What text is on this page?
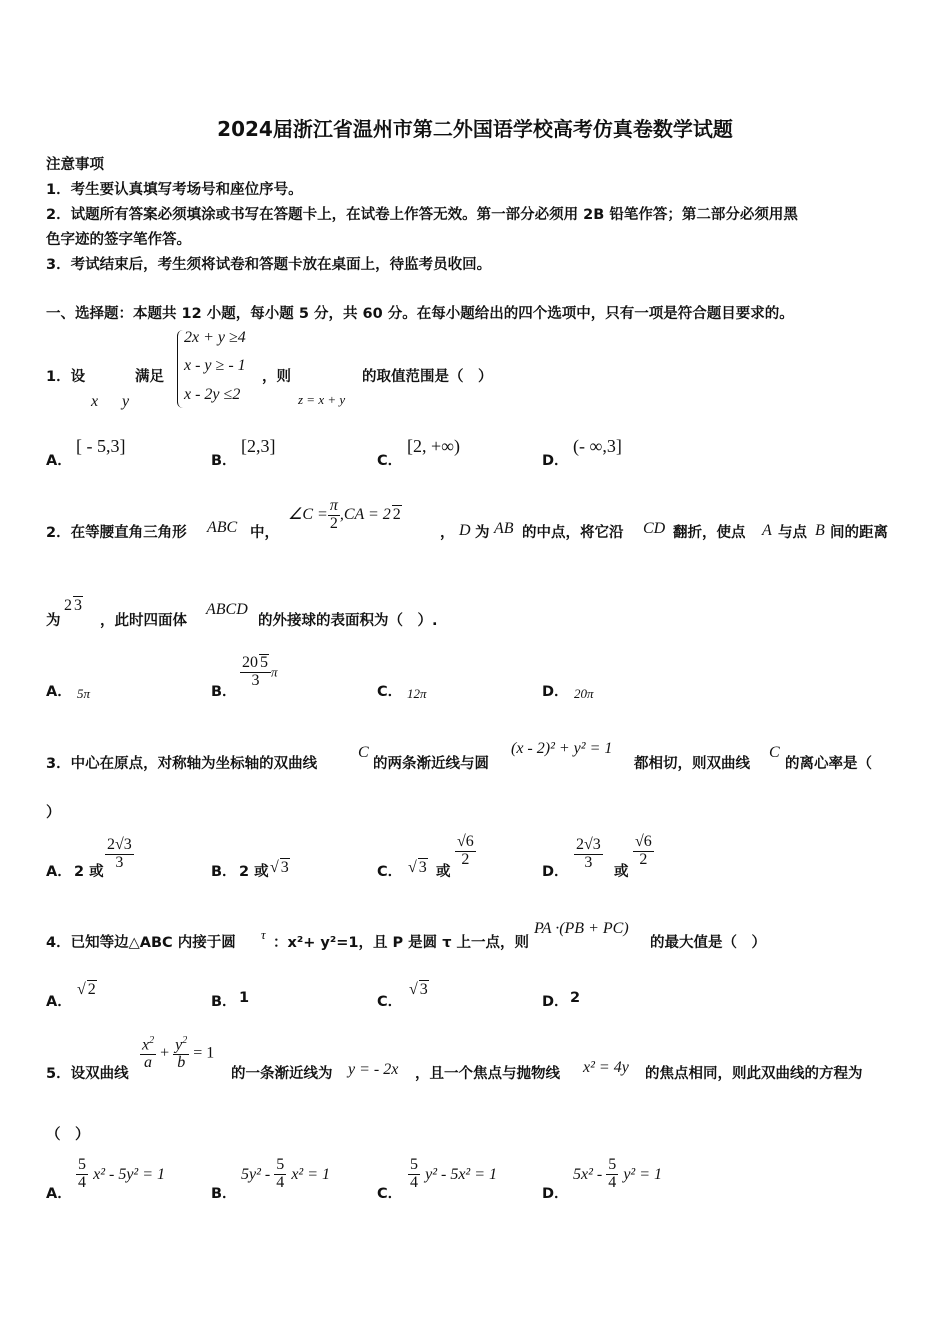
2024届浙江省温州市第二外国语学校高考仿真卷数学试题
注意事项
1．考生要认真填写考场号和座位序号。
2．试题所有答案必须填涂或书写在答题卡上，在试卷上作答无效。第一部分必须用 2B 铅笔作答；第二部分必须用黑
色字迹的签字笔作答。
3．考试结束后，考生须将试卷和答题卡放在桌面上，待监考员收回。
一、选择题：本题共 12 小题，每小题 5 分，共 60 分。在每小题给出的四个选项中，只有一项是符合题目要求的。
1．设
x y
满足
2x + y ≥4
x - y ≥ - 1
x - 2y ≤2
，则
z = x + y
的取值范围是（　）
A．
[ - 5,3]
B．
[2,3]
C．
[2, +∞)
D．
(- ∞,3]
2．在等腰直角三角形 ABC 中，
∠C = $\frac{\pi}{2} ,CA = 2$ 2
， D 为 AB 的中点，将它沿 CD 翻折，使点 A 与点 B 间的距离
为
2 3
，此时四面体
ABCD
的外接球的表面积为（　）.
A． 5π	B．
$\frac{20 5}{3}$ π
C． 12π	D． 20π
3．中心在原点，对称轴为坐标轴的双曲线
C
的两条渐近线与圆
(x - 2)² + y² = 1
都相切，则双曲线
C
的离心率是（
）
A． 2 或
$\frac{2√3}{3}$
B． 2 或 √ 3	C． √ 3 或
$\frac{√6}{2}$
D．
$\frac{2√3}{3}$
或
$\frac{√6}{2}$
4．已知等边△ABC 内接于圆
τ
：x²+ y²=1，且 P 是圆 τ 上一点，则
PA ·(PB + PC)
的最大值是（　）
A．
√ 2
B． 1	C．
√ 3
D． 2
5．设双曲线
$\frac{x^2}{a} + \frac{y^2}{b} = 1$
的一条渐近线为 y = - 2x ，且一个焦点与抛物线 x² = 4y 的焦点相同，则此双曲线的方程为
（　）
A．
$\frac{5}{4} x^2 - 5y^2 = 1$
B．
$5y^2 - \frac{5}{4} x^2 = 1$
C．
$\frac{5}{4} y^2 - 5x^2 = 1$
D．
$5x^2 - \frac{5}{4} y^2 = 1$
